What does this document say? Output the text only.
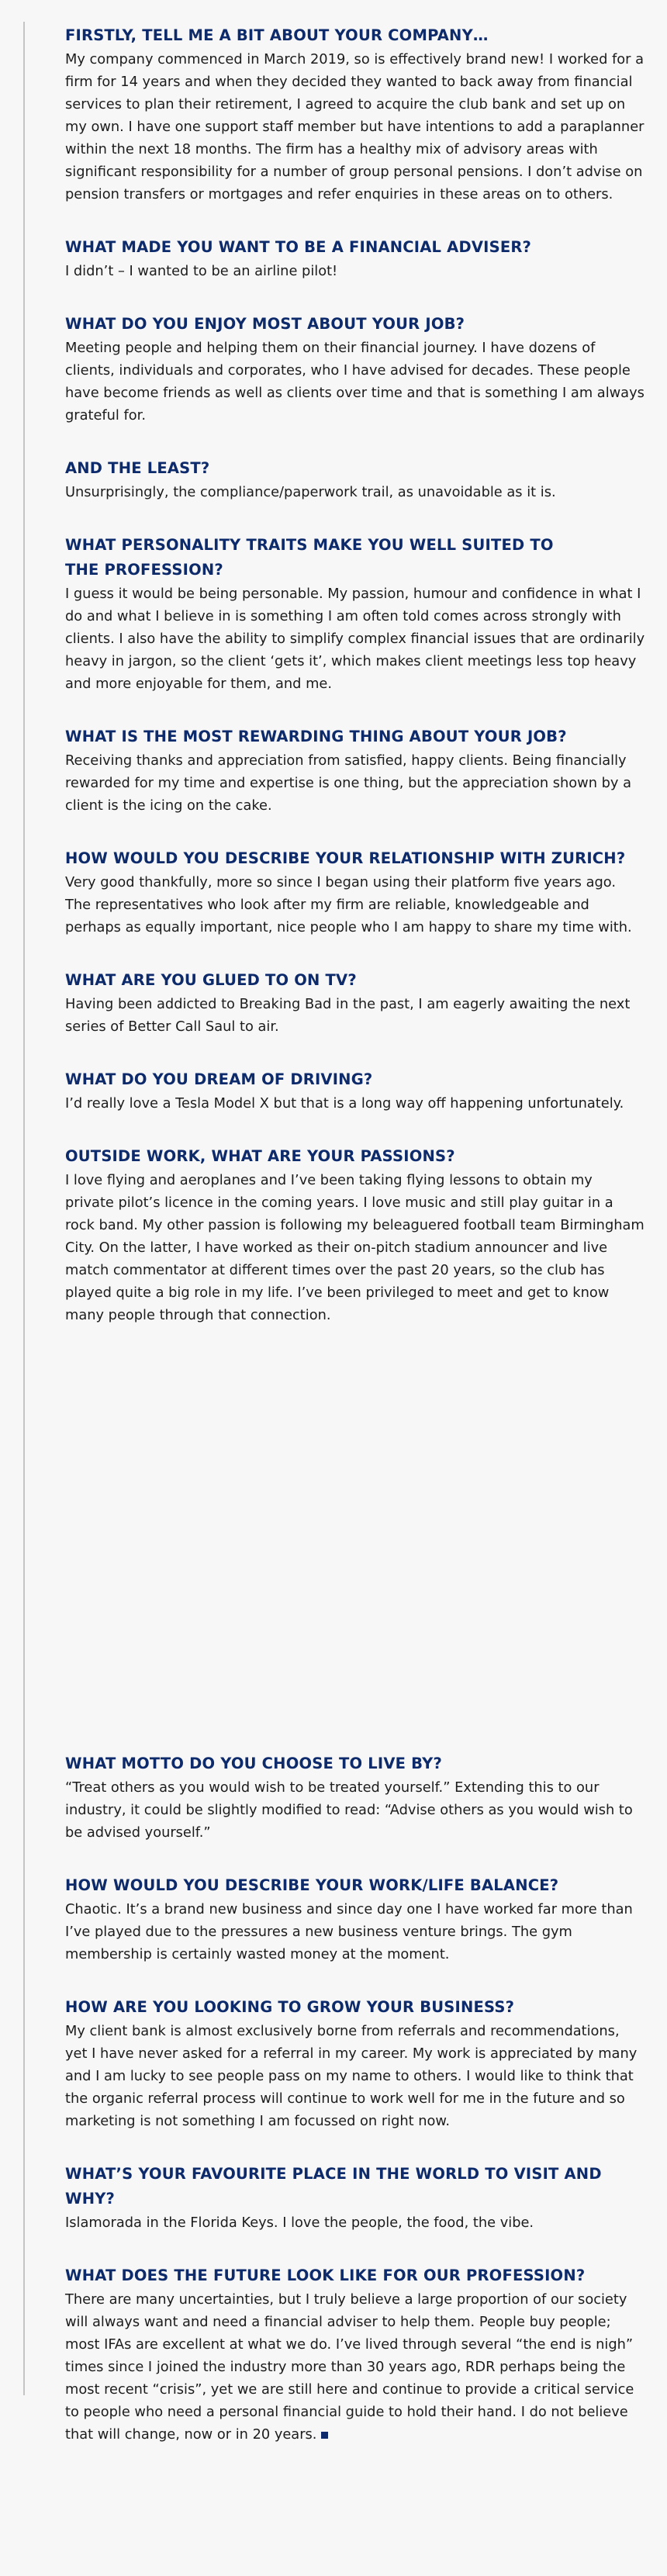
FIRSTLY, TELL ME A BIT ABOUT YOUR COMPANY…

My company commenced in March 2019, so is effectively brand new! I worked for a firm for 14 years and when they decided they wanted to back away from financial services to plan their retirement, I agreed to acquire the club bank and set up on my own. I have one support staff member but have intentions to add a paraplanner within the next 18 months. The firm has a healthy mix of advisory areas with significant responsibility for a number of group personal pensions. I don’t advise on pension transfers or mortgages and refer enquiries in these areas on to others.

WHAT MADE YOU WANT TO BE A FINANCIAL ADVISER?

I didn’t – I wanted to be an airline pilot!

WHAT DO YOU ENJOY MOST ABOUT YOUR JOB?

Meeting people and helping them on their financial journey. I have dozens of clients, individuals and corporates, who I have advised for decades. These people have become friends as well as clients over time and that is something I am always grateful for.

AND THE LEAST?

Unsurprisingly, the compliance/paperwork trail, as unavoidable as it is.

WHAT PERSONALITY TRAITS MAKE YOU WELL SUITED TO THE PROFESSION?

I guess it would be being personable. My passion, humour and confidence in what I do and what I believe in is something I am often told comes across strongly with clients. I also have the ability to simplify complex financial issues that are ordinarily heavy in jargon, so the client ‘gets it’, which makes client meetings less top heavy and more enjoyable for them, and me.

WHAT IS THE MOST REWARDING THING ABOUT YOUR JOB?

Receiving thanks and appreciation from satisfied, happy clients. Being financially rewarded for my time and expertise is one thing, but the appreciation shown by a client is the icing on the cake.

HOW WOULD YOU DESCRIBE YOUR RELATIONSHIP WITH ZURICH?

Very good thankfully, more so since I began using their platform five years ago. The representatives who look after my firm are reliable, knowledgeable and perhaps as equally important, nice people who I am happy to share my time with.

WHAT ARE YOU GLUED TO ON TV?

Having been addicted to Breaking Bad in the past, I am eagerly awaiting the next series of Better Call Saul to air.

WHAT DO YOU DREAM OF DRIVING?

I’d really love a Tesla Model X but that is a long way off happening unfortunately.

OUTSIDE WORK, WHAT ARE YOUR PASSIONS?

I love flying and aeroplanes and I’ve been taking flying lessons to obtain my private pilot’s licence in the coming years. I love music and still play guitar in a rock band. My other passion is following my beleaguered football team Birmingham City. On the latter, I have worked as their on-pitch stadium announcer and live match commentator at different times over the past 20 years, so the club has played quite a big role in my life. I’ve been privileged to meet and get to know many people through that connection.

WHAT MOTTO DO YOU CHOOSE TO LIVE BY?

“Treat others as you would wish to be treated yourself.” Extending this to our industry, it could be slightly modified to read: “Advise others as you would wish to be advised yourself.”

HOW WOULD YOU DESCRIBE YOUR WORK/LIFE BALANCE?

Chaotic. It’s a brand new business and since day one I have worked far more than I’ve played due to the pressures a new business venture brings. The gym membership is certainly wasted money at the moment.

HOW ARE YOU LOOKING TO GROW YOUR BUSINESS?

My client bank is almost exclusively borne from referrals and recommendations, yet I have never asked for a referral in my career. My work is appreciated by many and I am lucky to see people pass on my name to others. I would like to think that the organic referral process will continue to work well for me in the future and so marketing is not something I am focussed on right now.

WHAT’S YOUR FAVOURITE PLACE IN THE WORLD TO VISIT AND WHY?

Islamorada in the Florida Keys. I love the people, the food, the vibe.

WHAT DOES THE FUTURE LOOK LIKE FOR OUR PROFESSION?

There are many uncertainties, but I truly believe a large proportion of our society will always want and need a financial adviser to help them. People buy people; most IFAs are excellent at what we do. I’ve lived through several “the end is nigh” times since I joined the industry more than 30 years ago, RDR perhaps being the most recent “crisis”, yet we are still here and continue to provide a critical service to people who need a personal financial guide to hold their hand. I do not believe that will change, now or in 20 years.
